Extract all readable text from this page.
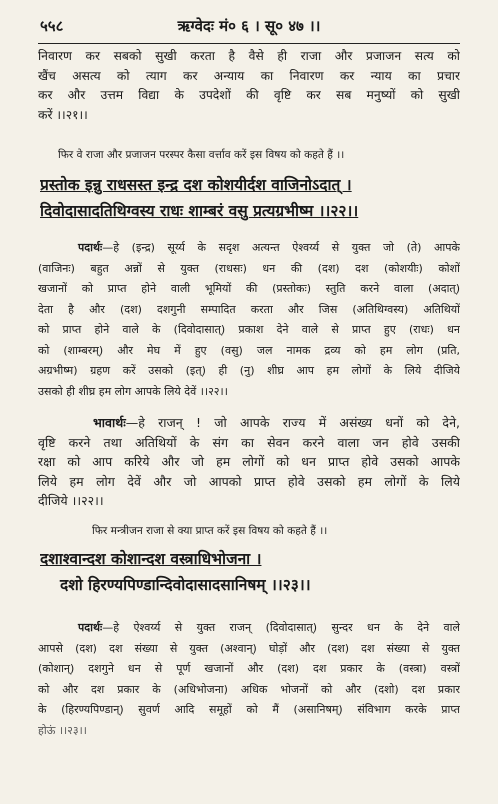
५५८	ऋग्वेदः मं० ६ । सू० ४७ ।।
निवारण कर सबको सुखी करता है वैसे ही राजा और प्रजाजन सत्य को
खैंच असत्य को त्याग कर अन्याय का निवारण कर न्याय का प्रचार
कर और उत्तम विद्या के उपदेशों की वृष्टि कर सब मनुष्यों को सुखी
करें ।।२१।।
फिर वे राजा और प्रजाजन परस्पर कैसा वर्त्ताव करें इस विषय को कहते हैं ।।
प्रस्तोक इन्नु राधसस्त इन्द्र दश कोशयीर्दश वाजिनोऽदात् ।
दिवोदासादतिथिग्वस्य राधः शाम्बरं वसु प्रत्यग्रभीष्म ।।२२।।
पदार्थः—हे (इन्द्र) सूर्य्य के सदृश अत्यन्त ऐश्वर्य्य से युक्त जो (ते) आपके
(वाजिनः) बहुत अन्नों से युक्त (राधसः) धन की (दश) दश (कोशयीः) कोशों
खजानों को प्राप्त होने वाली भूमियों की (प्रस्तोकः) स्तुति करने वाला (अदात्)
देता है और (दश) दशगुनी सम्पादित करता और जिस (अतिथिग्वस्य) अतिथियों
को प्राप्त होने वाले के (दिवोदासात्) प्रकाश देने वाले से प्राप्त हुए (राधः) धन
को (शाम्बरम्) और मेघ में हुए (वसु) जल नामक द्रव्य को हम लोग (प्रति,
अग्रभीष्म) ग्रहण करें उसको (इत्) ही (नु) शीघ्र आप हम लोगों के लिये दीजिये
उसको ही शीघ्र हम लोग आपके लिये देवें ।।२२।।
भावार्थः—हे राजन् ! जो आपके राज्य में असंख्य धनों को देने,
वृष्टि करने तथा अतिथियों के संग का सेवन करने वाला जन होवे उसकी
रक्षा को आप करिये और जो हम लोगों को धन प्राप्त होवे उसको आपके
लिये हम लोग देवें और जो आपको प्राप्त होवे उसको हम लोगों के लिये
दीजिये ।।२२।।
फिर मन्त्रीजन राजा से क्या प्राप्त करें इस विषय को कहते हैं ।।
दशाश्वान्दश कोशान्दश वस्त्राधिभोजना ।
दशो हिरण्यपिण्डान्दिवोदासादसानिषम् ।।२३।।
पदार्थः—हे ऐश्वर्य्य से युक्त राजन् (दिवोदासात्) सुन्दर धन के देने वाले
आपसे (दश) दश संख्या से युक्त (अश्वान्) घोड़ों और (दश) दश संख्या से युक्त
(कोशान्) दशगुने धन से पूर्ण खजानों और (दश) दश प्रकार के (वस्त्रा) वस्त्रों
को और दश प्रकार के (अधिभोजना) अधिक भोजनों को और (दशो) दश प्रकार
के (हिरण्यपिण्डान्) सुवर्ण आदि समूहों को मैं (असानिषम्) संविभाग करके प्राप्त
होऊं ।।२३।।
